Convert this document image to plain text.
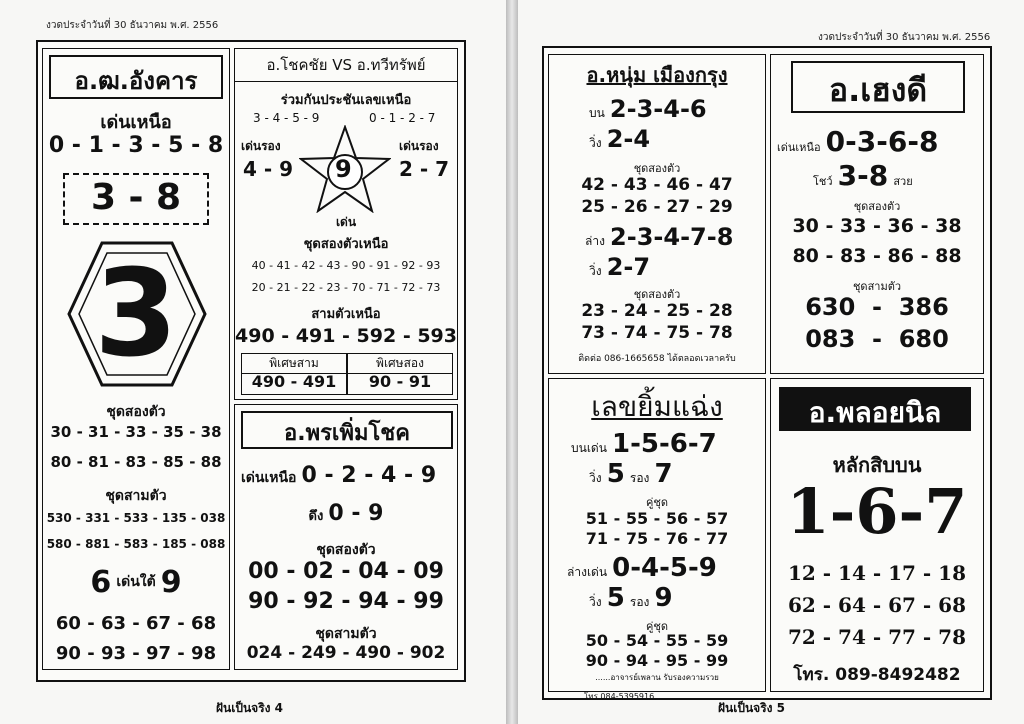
งวดประจำวันที่ 30 ธันวาคม พ.ศ. 2556
อ.ฒ.อังคาร
เด่นเหนือ
0 - 1 - 3 - 5 - 8
3 - 8
3
ชุดสองตัว
30 - 31 - 33 - 35 - 38
80 - 81 - 83 - 85 - 88
ชุดสามตัว
530 - 331 - 533 - 135 - 038
580 - 881 - 583 - 185 - 088
6 เด่นใต้ 9
60 - 63 - 67 - 68
90 - 93 - 97 - 98
อ.โชคชัย VS อ.ทวีทรัพย์
ร่วมกันประชันเลขเหนือ
3 - 4 - 5 - 9	0 - 1 - 2 - 7
เด่นรอง
4 - 9
เด่นรอง
2 - 7
9
เด่น
ชุดสองตัวเหนือ
40 - 41 - 42 - 43 - 90 - 91 - 92 - 93
20 - 21 - 22 - 23 - 70 - 71 - 72 - 73
สามตัวเหนือ
490 - 491 - 592 - 593
พิเศษสาม
490 - 491
พิเศษสอง
90 - 91
อ.พรเพิ่มโชค
เด่นเหนือ 0 - 2 - 4 - 9
ดึง 0 - 9
ชุดสองตัว
00 - 02 - 04 - 09
90 - 92 - 94 - 99
ชุดสามตัว
024 - 249 - 490 - 902
ฝันเป็นจริง 4
งวดประจำวันที่ 30 ธันวาคม พ.ศ. 2556
อ.หนุ่ม เมืองกรุง
บน 2-3-4-6
วิ่ง 2-4
ชุดสองตัว
42 - 43 - 46 - 47
25 - 26 - 27 - 29
ล่าง 2-3-4-7-8
วิ่ง 2-7
ชุดสองตัว
23 - 24 - 25 - 28
73 - 74 - 75 - 78
ติดต่อ 086-1665658 ได้ตลอดเวลาครับ
เลขยิ้มแฉ่ง
บนเด่น 1-5-6-7
วิ่ง 5 รอง 7
คู่ชุด
51 - 55 - 56 - 57
71 - 75 - 76 - 77
ล่างเด่น 0-4-5-9
วิ่ง 5 รอง 9
คู่ชุด
50 - 54 - 55 - 59
90 - 94 - 95 - 99
......อาจารย์เพลาน รับรองความรวย
อ.เฮงดี
เด่นเหนือ 0-3-6-8
โชว์ 3-8 สวย
ชุดสองตัว
30 - 33 - 36 - 38
80 - 83 - 86 - 88
ชุดสามตัว
630 - 386
083 - 680
อ.พลอยนิล
หลักสิบบน
1-6-7
12 - 14 - 17 - 18
62 - 64 - 67 - 68
72 - 74 - 77 - 78
โทร. 089-8492482
โทร.084-5395916
ฝันเป็นจริง 5
